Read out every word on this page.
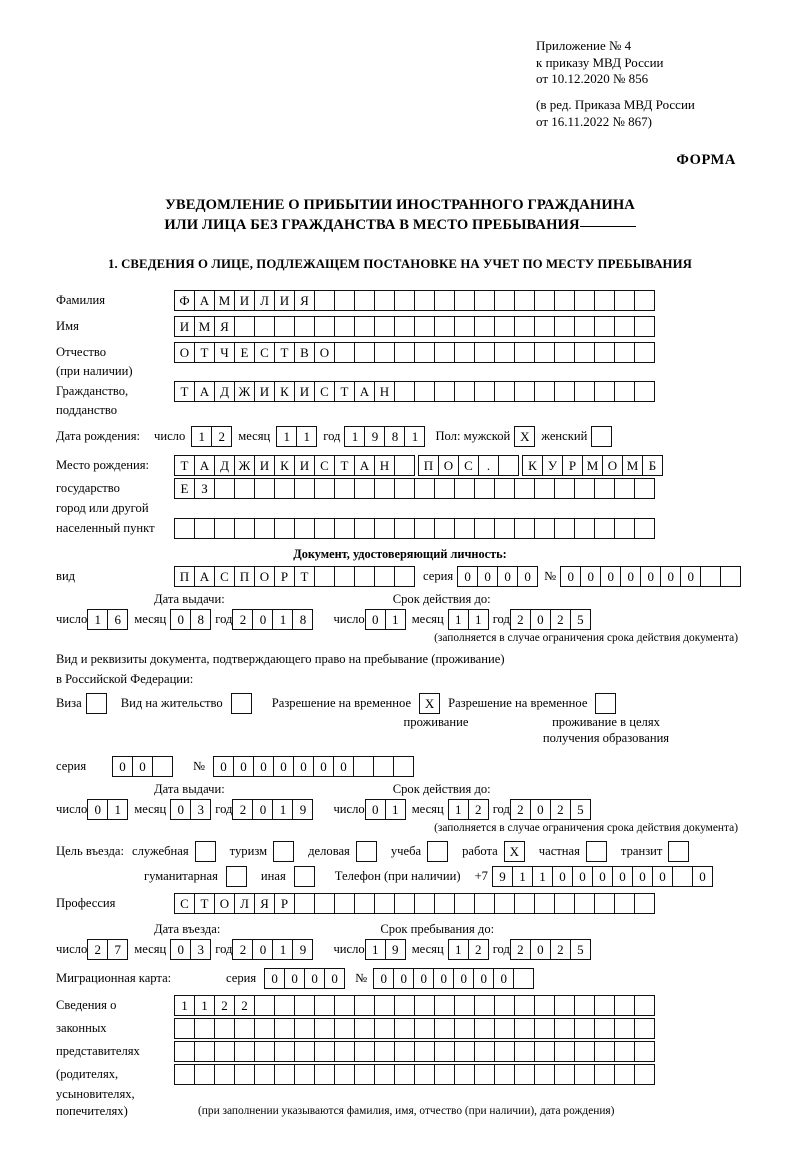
Приложение № 4
к приказу МВД России
от 10.12.2020 № 856
(в ред. Приказа МВД России
от 16.11.2022 № 867)
ФОРМА
УВЕДОМЛЕНИЕ О ПРИБЫТИИ ИНОСТРАННОГО ГРАЖДАНИНА
ИЛИ ЛИЦА БЕЗ ГРАЖДАНСТВА В МЕСТО ПРЕБЫВАНИЯ
1. СВЕДЕНИЯ О ЛИЦЕ, ПОДЛЕЖАЩЕМ ПОСТАНОВКЕ НА УЧЕТ ПО МЕСТУ ПРЕБЫВАНИЯ
Фамилия	Ф А М И Л И Я
Имя	И М Я
Отчество	О Т Ч Е С Т В О
(при наличии)
Гражданство,	Т А Д Ж И К И С Т А Н
подданство
Дата рождения: число	1	2	месяц	1	1	год 1	9	8	1	Пол: мужской X женский
Место рождения:	Т А Д Ж И К И С Т А Н	П О С	.	К У Р М О М Б
государство	Е З
город или другой
населенный пункт
Документ, удостоверяющий личность:
вид	П А С П О Р Т	серия 0	0	0	0	№ 0	0	0	0	0	0	0
Дата выдачи:	Срок действия до:
число 1	6	месяц 0	8 год 2	0	1	8	число 0	1	месяц 1	1 год 2	0	2	5
(заполняется в случае ограничения срока действия документа)
Вид и реквизиты документа, подтверждающего право на пребывание (проживание)
в Российской Федерации:
Виза	Вид на жительство	Разрешение на временное	X	Разрешение на временное
проживание	проживание в целях
получения образования
серия	0	0	№	0	0	0	0	0	0	0
Дата выдачи:	Срок действия до:
число 0	1	месяц 0	3 год 2	0	1	9	число 0	1	месяц 1	2 год 2	0	2	5
(заполняется в случае ограничения срока действия документа)
Цель въезда: служебная	туризм	деловая	учеба	работа X	частная	транзит
гуманитарная	иная	Телефон (при наличии) +7 9	1	1	0	0	0	0	0	0	0
Профессия	С Т О Л Я Р
Дата въезда:	Срок пребывания до:
число 2	7	месяц 0	3 год 2	0	1	9	число 1	9	месяц 1	2 год 2	0	2	5
Миграционная карта:	серия	0	0	0	0	№	0	0	0	0	0	0	0
Сведения о	1	1	2	2
законных
представителях
(родителях,
усыновителях,
попечителях)	(при заполнении указываются фамилия, имя, отчество (при наличии), дата рождения)
